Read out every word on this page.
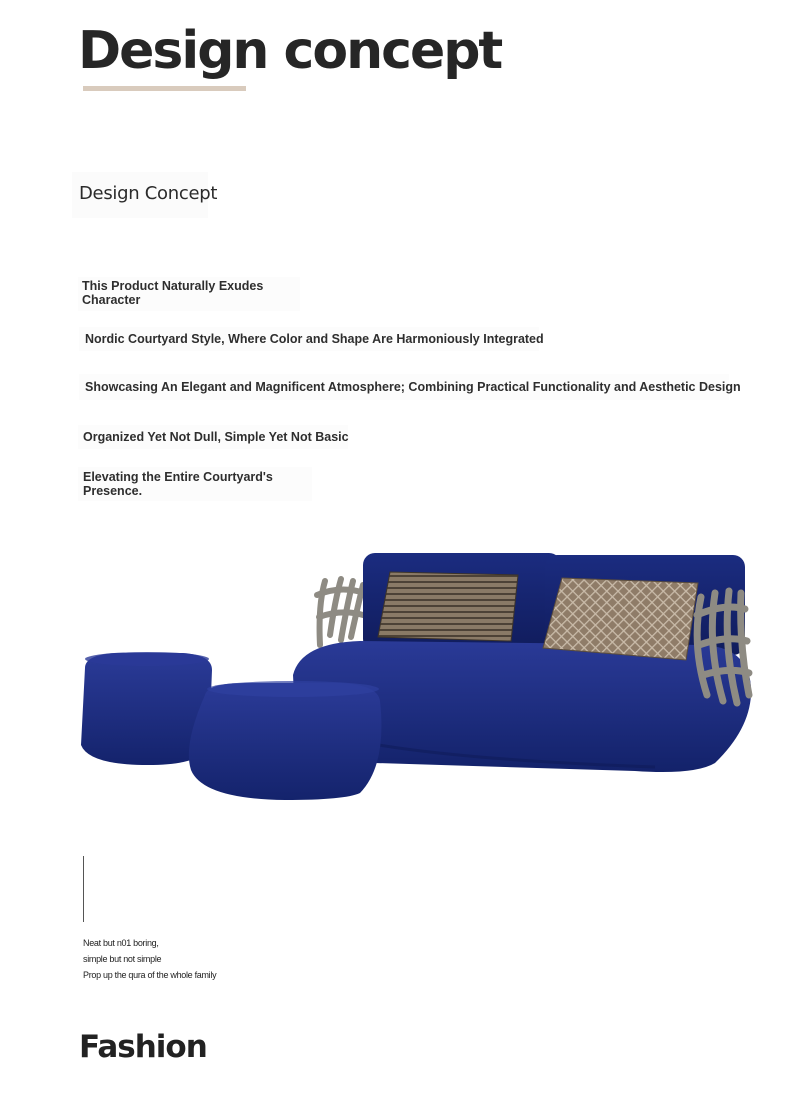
Design concept
Design Concept
This Product Naturally Exudes Character
Nordic Courtyard Style, Where Color and Shape Are Harmoniously Integrated
Showcasing An Elegant and Magnificent Atmosphere; Combining Practical Functionality and Aesthetic Design
Organized Yet Not Dull, Simple Yet Not Basic
Elevating the Entire Courtyard's Presence.
Neat but n01 boring,
simple but not simple
Prop up the qura of the whole family
Fashion
